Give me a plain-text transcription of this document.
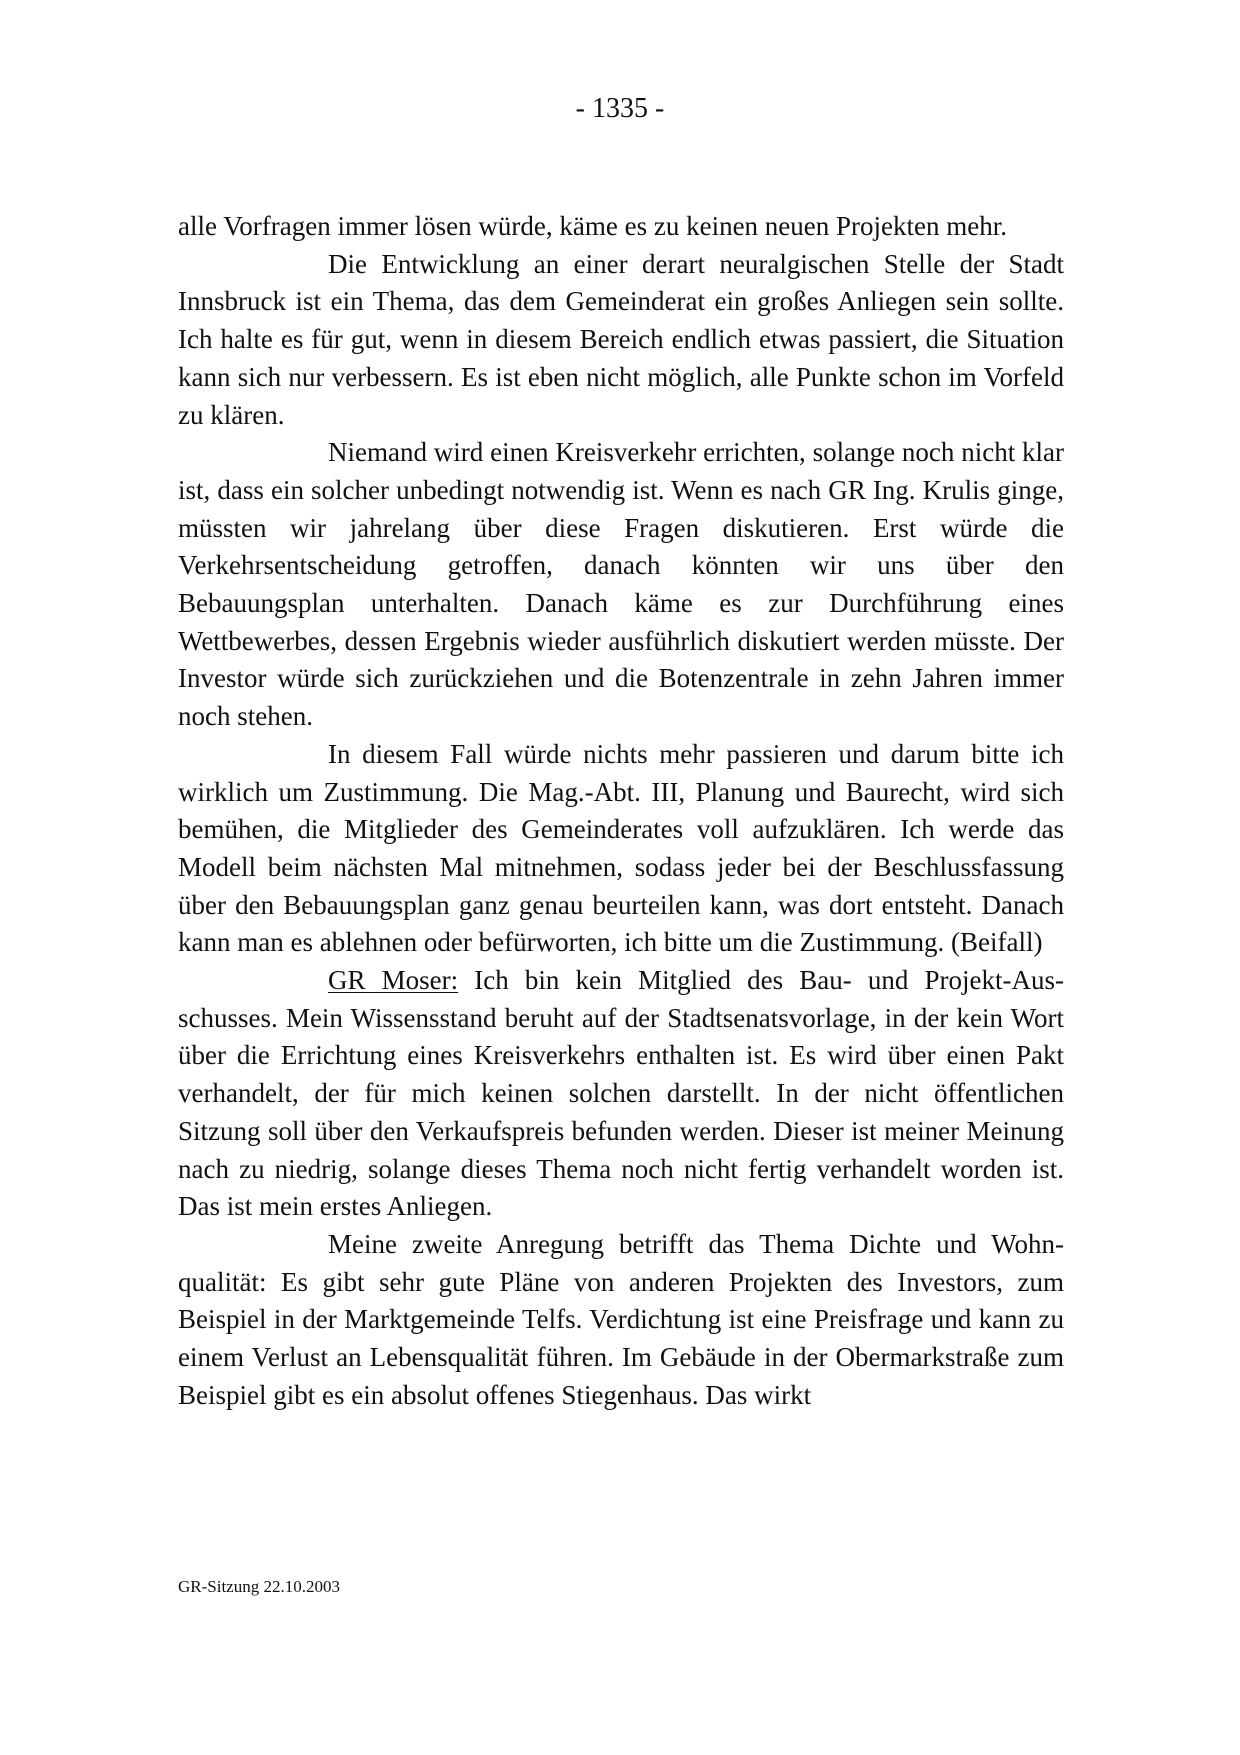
- 1335 -

alle Vorfragen immer lösen würde, käme es zu keinen neuen Projekten mehr.

Die Entwicklung an einer derart neuralgischen Stelle der Stadt Innsbruck ist ein Thema, das dem Gemeinderat ein großes Anliegen sein sollte. Ich halte es für gut, wenn in diesem Bereich endlich etwas passiert, die Situation kann sich nur verbessern. Es ist eben nicht möglich, alle Punkte schon im Vorfeld zu klären.

Niemand wird einen Kreisverkehr errichten, solange noch nicht klar ist, dass ein solcher unbedingt notwendig ist. Wenn es nach GR Ing. Krulis ginge, müssten wir jahrelang über diese Fragen diskutieren. Erst würde die Verkehrsentscheidung getroffen, danach könnten wir uns über den Bebauungsplan unterhalten. Danach käme es zur Durchführung eines Wettbewerbes, dessen Ergebnis wieder ausführlich diskutiert werden müsste. Der Investor würde sich zurückziehen und die Botenzentrale in zehn Jahren immer noch stehen.

In diesem Fall würde nichts mehr passieren und darum bitte ich wirklich um Zustimmung. Die Mag.-Abt. III, Planung und Baurecht, wird sich bemühen, die Mitglieder des Gemeinderates voll aufzuklären. Ich werde das Modell beim nächsten Mal mitnehmen, sodass jeder bei der Beschlussfassung über den Bebauungsplan ganz genau beurteilen kann, was dort entsteht. Danach kann man es ablehnen oder befürworten, ich bitte um die Zustimmung. (Beifall)

GR Moser: Ich bin kein Mitglied des Bau- und Projekt-Ausschusses. Mein Wissensstand beruht auf der Stadtsenatsvorlage, in der kein Wort über die Errichtung eines Kreisverkehrs enthalten ist. Es wird über einen Pakt verhandelt, der für mich keinen solchen darstellt. In der nicht öffentlichen Sitzung soll über den Verkaufspreis befunden werden. Dieser ist meiner Meinung nach zu niedrig, solange dieses Thema noch nicht fertig verhandelt worden ist. Das ist mein erstes Anliegen.

Meine zweite Anregung betrifft das Thema Dichte und Wohnqualität: Es gibt sehr gute Pläne von anderen Projekten des Investors, zum Beispiel in der Marktgemeinde Telfs. Verdichtung ist eine Preisfrage und kann zu einem Verlust an Lebensqualität führen. Im Gebäude in der Obermarkstraße zum Beispiel gibt es ein absolut offenes Stiegenhaus. Das wirkt

GR-Sitzung 22.10.2003
